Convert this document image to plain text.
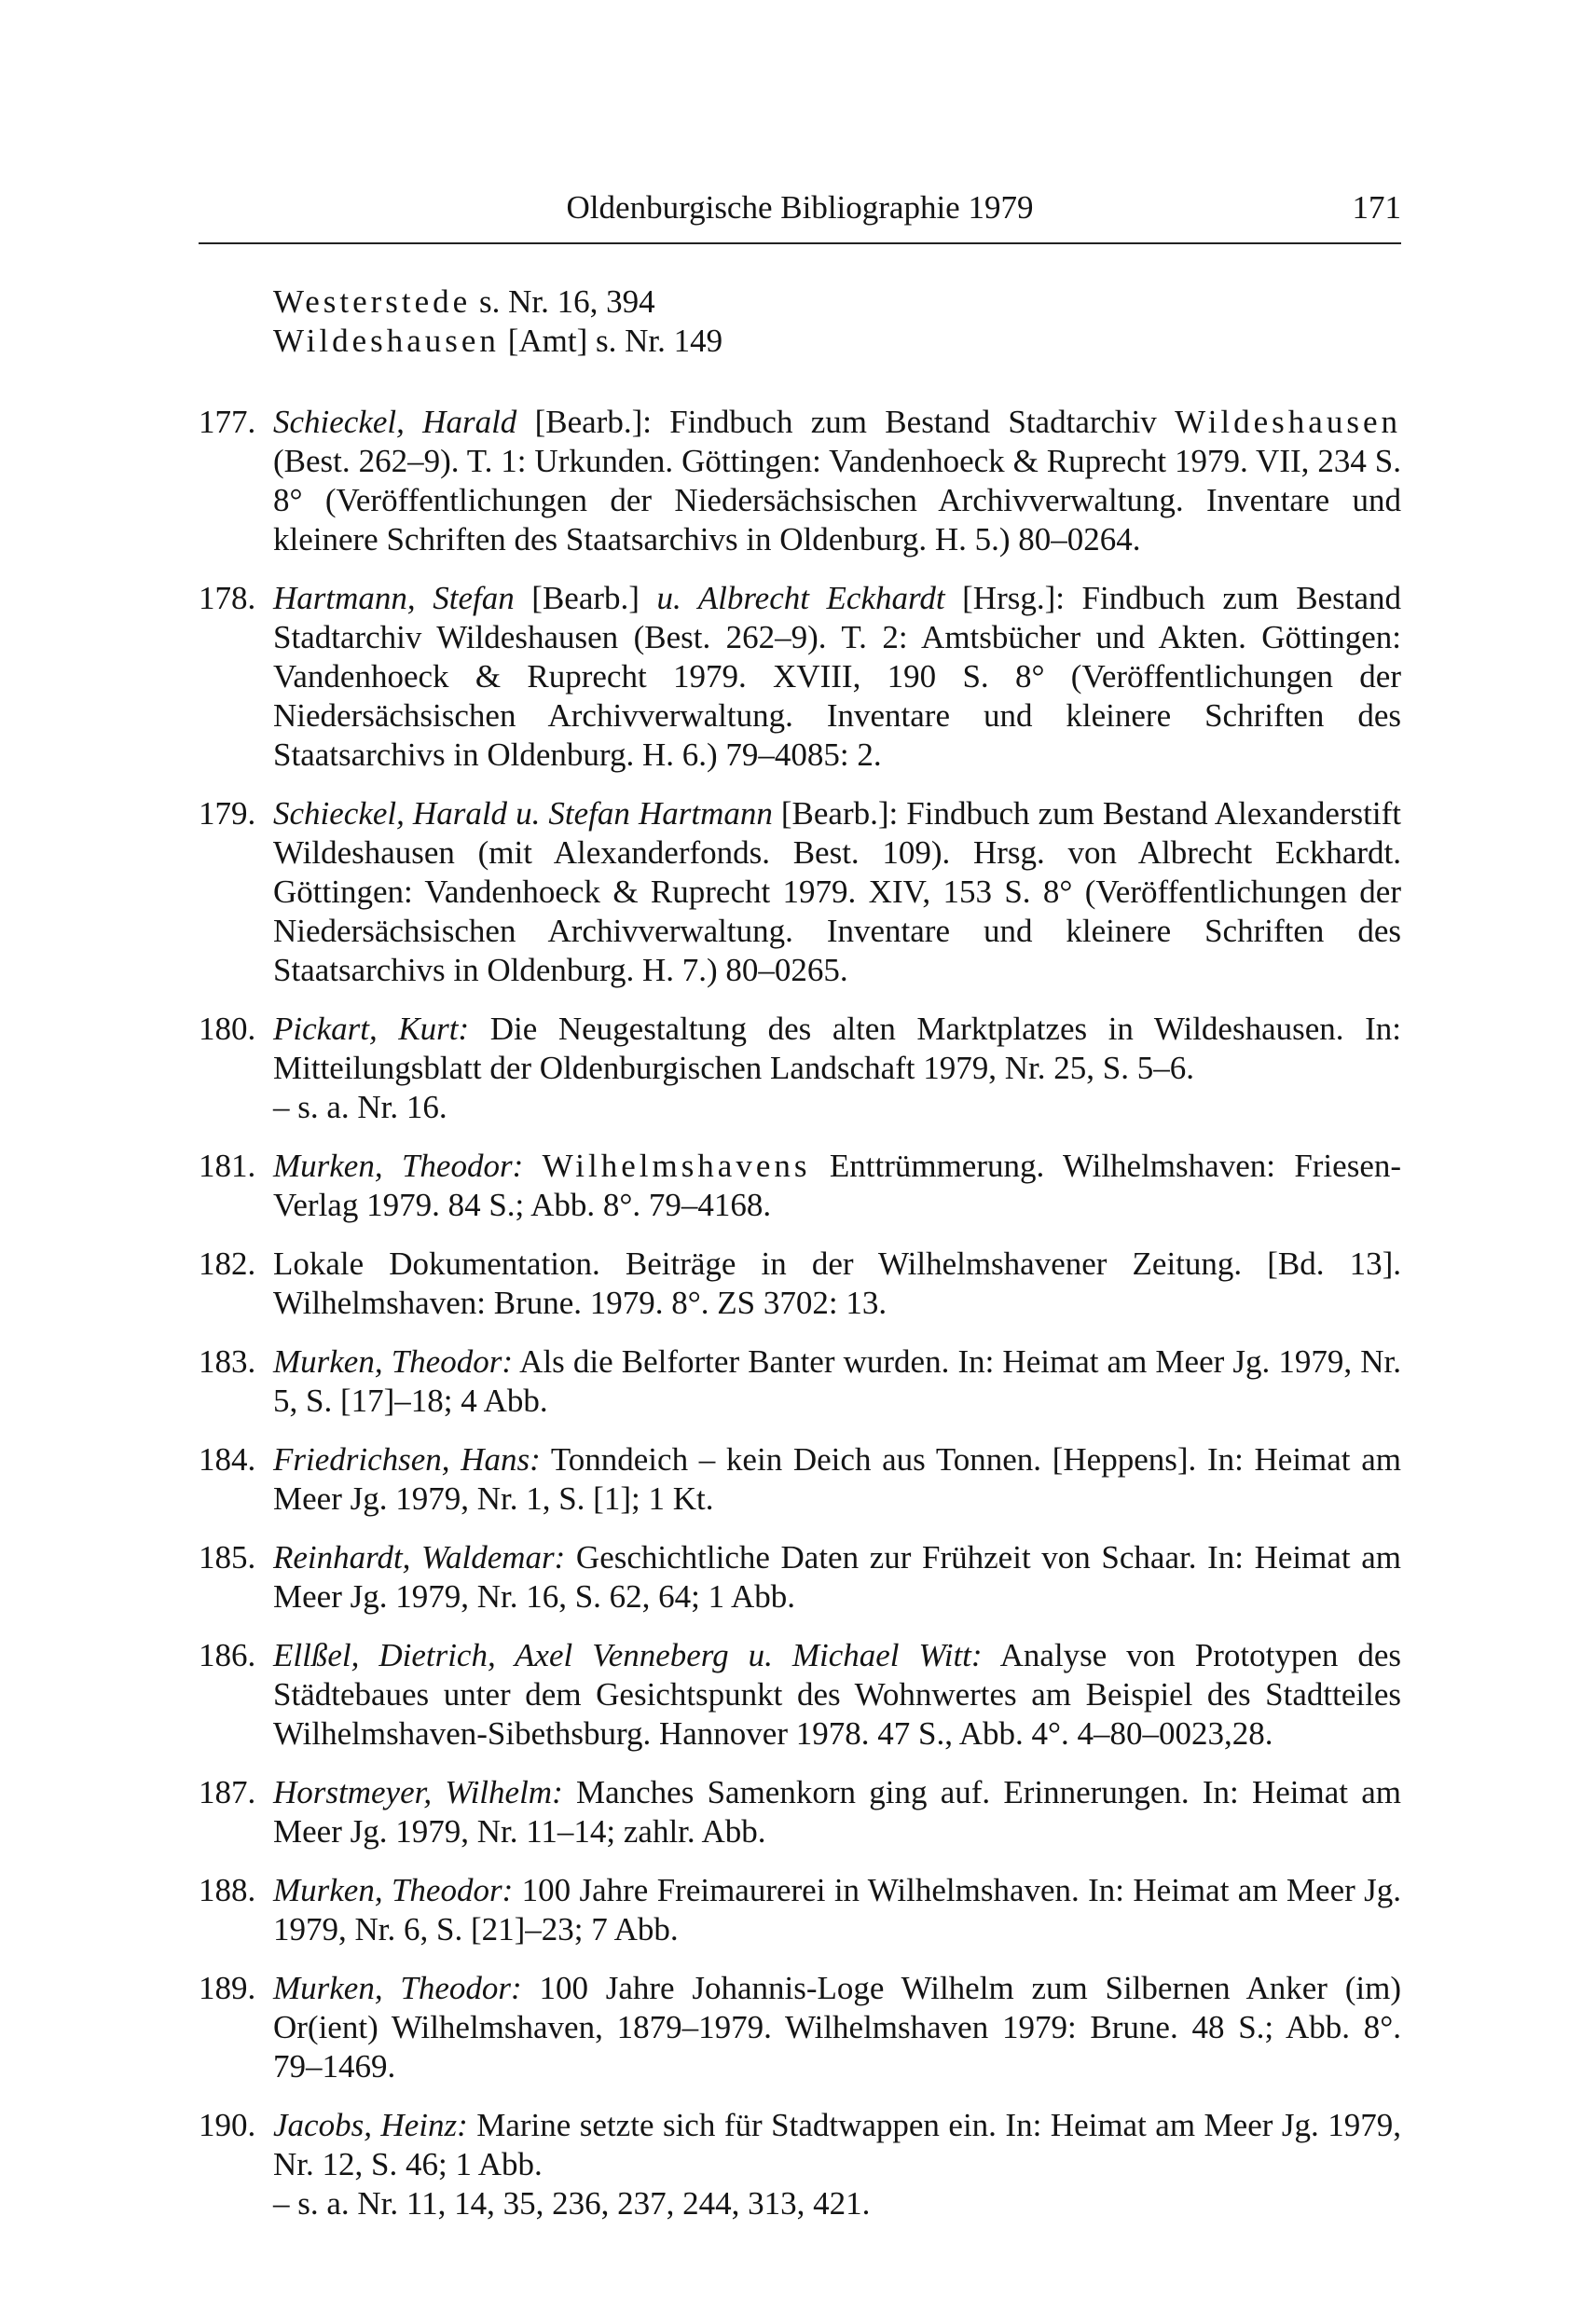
Oldenburgische Bibliographie 1979	171
Westerstede s. Nr. 16, 394
Wildeshausen [Amt] s. Nr. 149
177. Schieckel, Harald [Bearb.]: Findbuch zum Bestand Stadtarchiv Wildeshausen (Best. 262–9). T. 1: Urkunden. Göttingen: Vandenhoeck & Ruprecht 1979. VII, 234 S. 8° (Veröffentlichungen der Niedersächsischen Archivverwaltung. Inventare und kleinere Schriften des Staatsarchivs in Oldenburg. H. 5.) 80–0264.
178. Hartmann, Stefan [Bearb.] u. Albrecht Eckhardt [Hrsg.]: Findbuch zum Bestand Stadtarchiv Wildeshausen (Best. 262–9). T. 2: Amtsbücher und Akten. Göttingen: Vandenhoeck & Ruprecht 1979. XVIII, 190 S. 8° (Veröffentlichungen der Niedersächsischen Archivverwaltung. Inventare und kleinere Schriften des Staatsarchivs in Oldenburg. H. 6.) 79–4085: 2.
179. Schieckel, Harald u. Stefan Hartmann [Bearb.]: Findbuch zum Bestand Alexanderstift Wildeshausen (mit Alexanderfonds. Best. 109). Hrsg. von Albrecht Eckhardt. Göttingen: Vandenhoeck & Ruprecht 1979. XIV, 153 S. 8° (Veröffentlichungen der Niedersächsischen Archivverwaltung. Inventare und kleinere Schriften des Staatsarchivs in Oldenburg. H. 7.) 80–0265.
180. Pickart, Kurt: Die Neugestaltung des alten Marktplatzes in Wildeshausen. In: Mitteilungsblatt der Oldenburgischen Landschaft 1979, Nr. 25, S. 5–6.
– s. a. Nr. 16.
181. Murken, Theodor: Wilhelmshavens Enttrümmerung. Wilhelmshaven: Friesen-Verlag 1979. 84 S.; Abb. 8°. 79–4168.
182. Lokale Dokumentation. Beiträge in der Wilhelmshavener Zeitung. [Bd. 13]. Wilhelmshaven: Brune. 1979. 8°. ZS 3702: 13.
183. Murken, Theodor: Als die Belforter Banter wurden. In: Heimat am Meer Jg. 1979, Nr. 5, S. [17]–18; 4 Abb.
184. Friedrichsen, Hans: Tonndeich – kein Deich aus Tonnen. [Heppens]. In: Heimat am Meer Jg. 1979, Nr. 1, S. [1]; 1 Kt.
185. Reinhardt, Waldemar: Geschichtliche Daten zur Frühzeit von Schaar. In: Heimat am Meer Jg. 1979, Nr. 16, S. 62, 64; 1 Abb.
186. Ellßel, Dietrich, Axel Venneberg u. Michael Witt: Analyse von Prototypen des Städtebaues unter dem Gesichtspunkt des Wohnwertes am Beispiel des Stadtteiles Wilhelmshaven-Sibethsburg. Hannover 1978. 47 S., Abb. 4°. 4–80–0023,28.
187. Horstmeyer, Wilhelm: Manches Samenkorn ging auf. Erinnerungen. In: Heimat am Meer Jg. 1979, Nr. 11–14; zahlr. Abb.
188. Murken, Theodor: 100 Jahre Freimaurerei in Wilhelmshaven. In: Heimat am Meer Jg. 1979, Nr. 6, S. [21]–23; 7 Abb.
189. Murken, Theodor: 100 Jahre Johannis-Loge Wilhelm zum Silbernen Anker (im) Or(ient) Wilhelmshaven, 1879–1979. Wilhelmshaven 1979: Brune. 48 S.; Abb. 8°. 79–1469.
190. Jacobs, Heinz: Marine setzte sich für Stadtwappen ein. In: Heimat am Meer Jg. 1979, Nr. 12, S. 46; 1 Abb.
– s. a. Nr. 11, 14, 35, 236, 237, 244, 313, 421.
